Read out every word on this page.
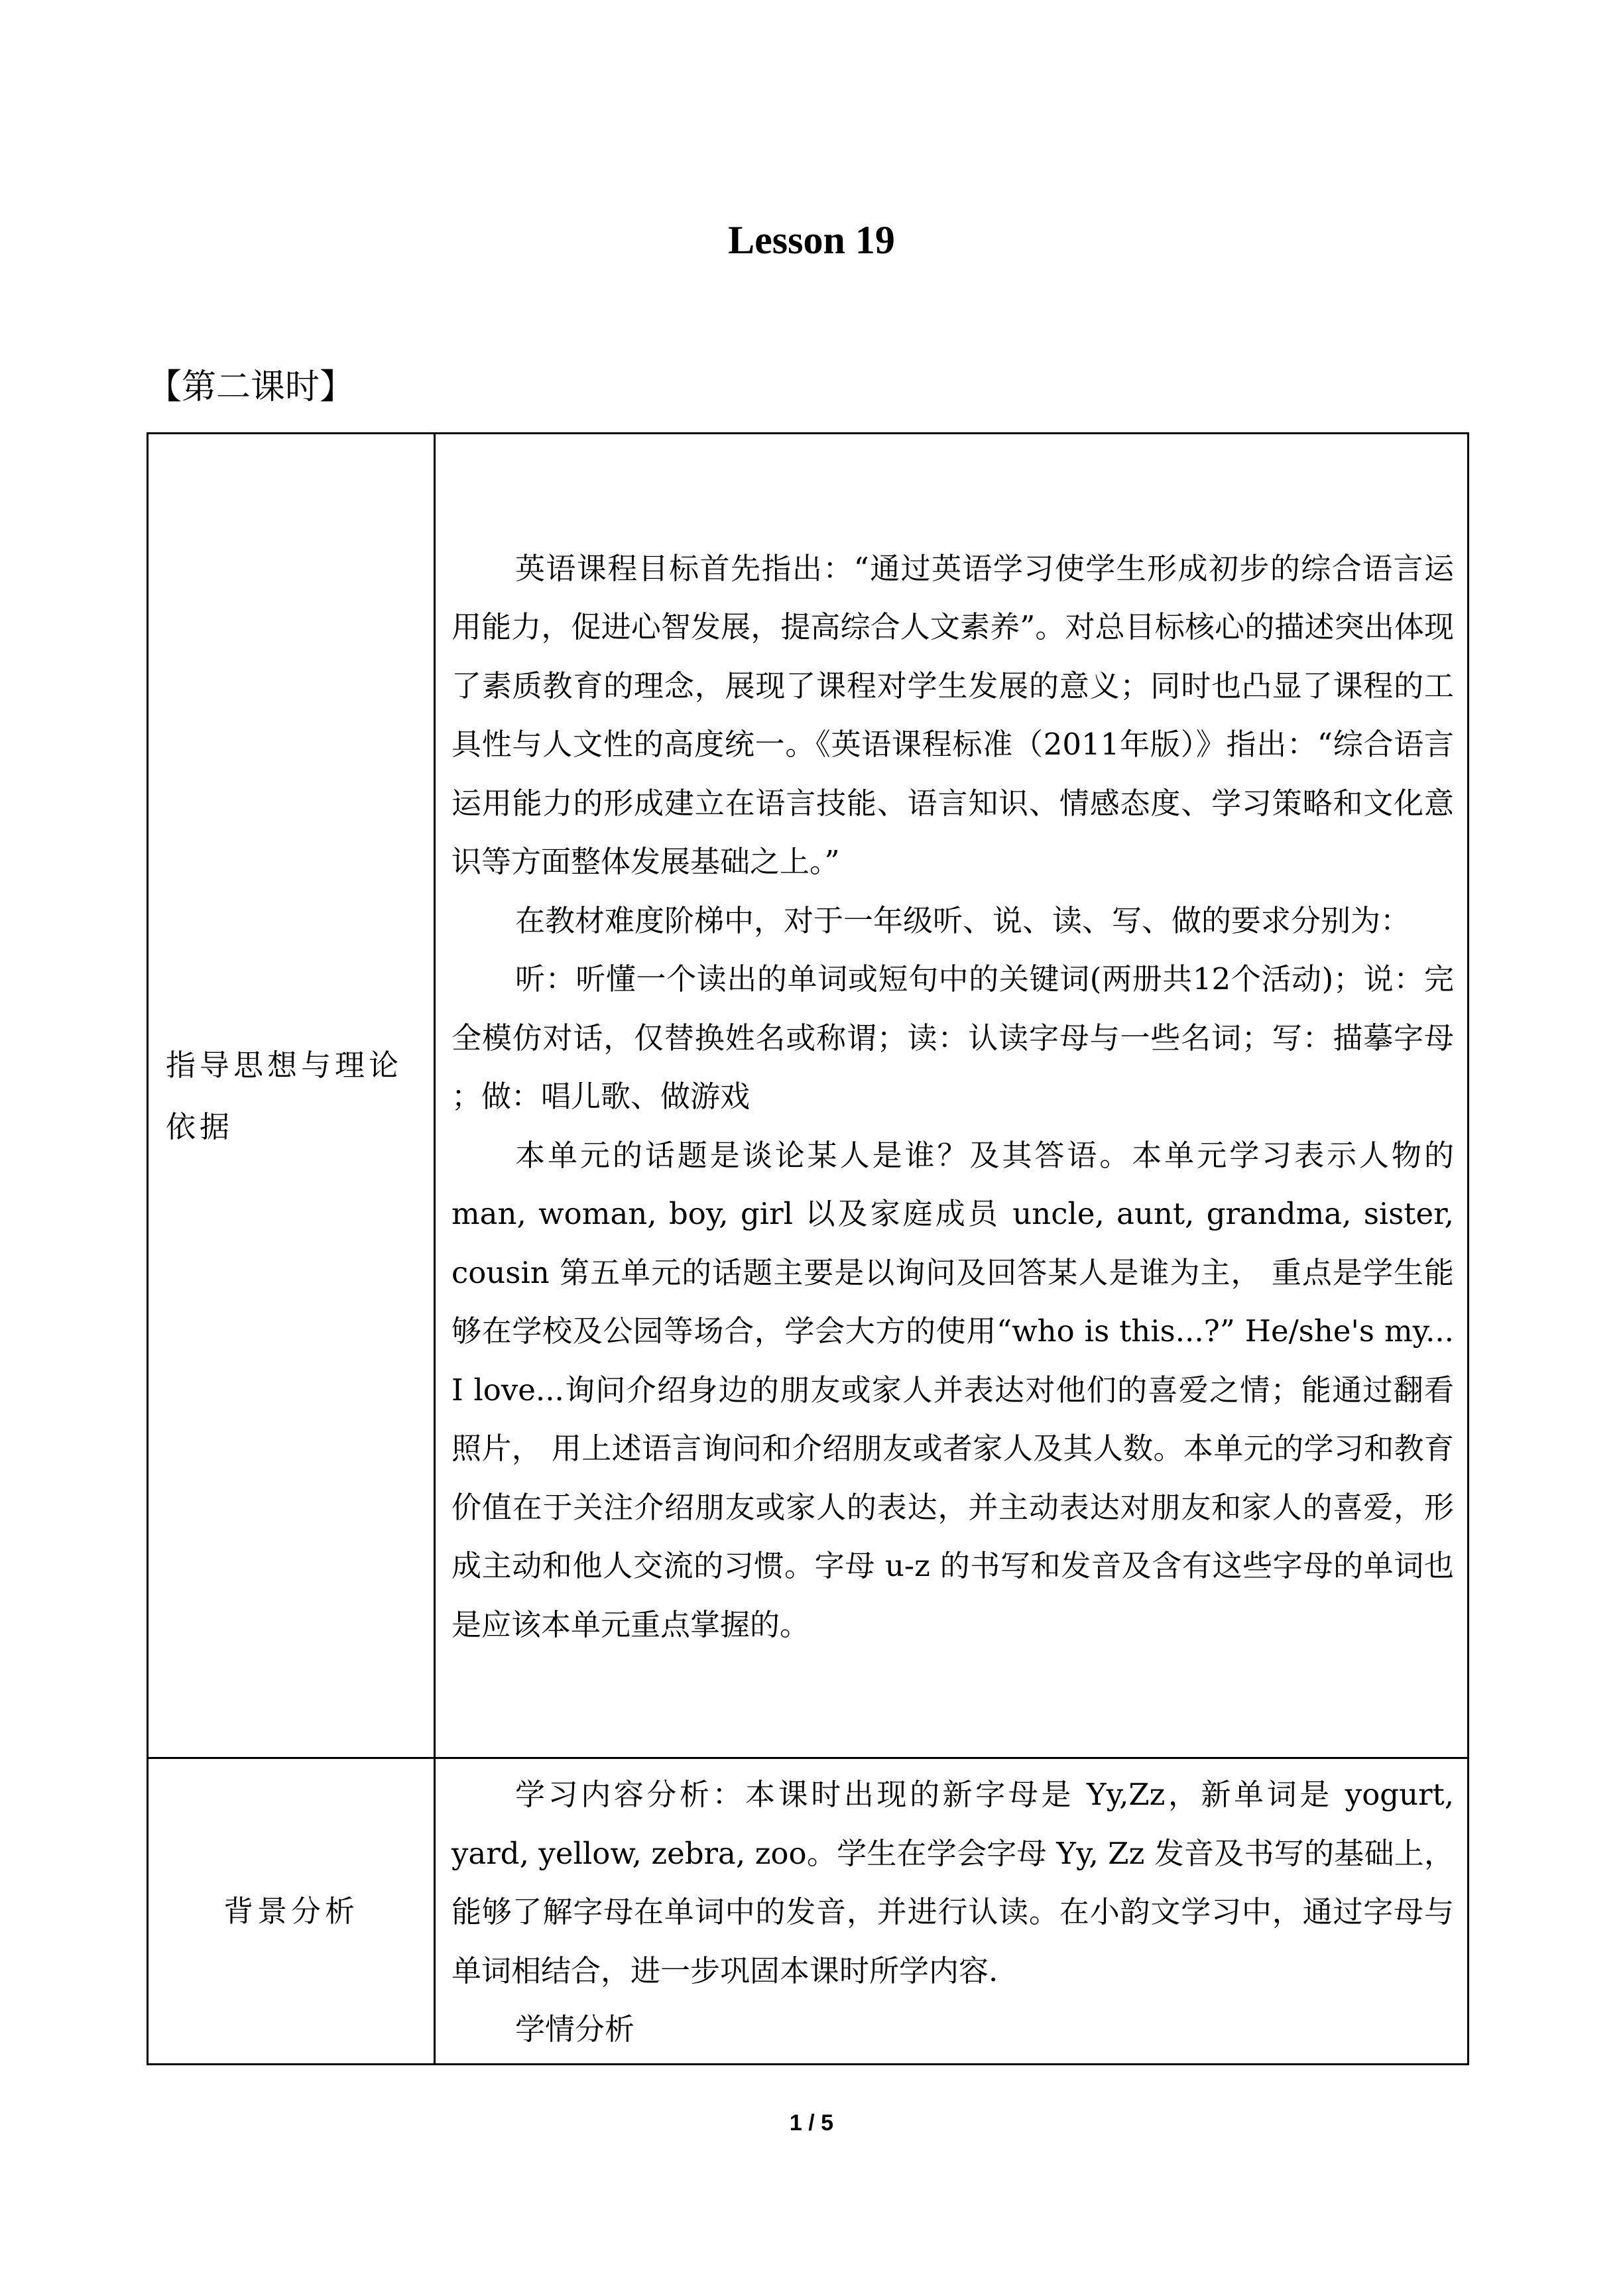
Lesson 19
【第二课时】
指导思想与理论依据	英语课程目标首先指出：“通过英语学习使学生形成初步的综合语言运用能力，促进心智发展，提高综合人文素养”。对总目标核心的描述突出体现了素质教育的理念，展现了课程对学生发展的意义；同时也凸显了课程的工具性与人文性的高度统一。《英语课程标准（2011年版）》指出：“综合语言运用能力的形成建立在语言技能、语言知识、情感态度、学习策略和文化意识等方面整体发展基础之上。”

在教材难度阶梯中，对于一年级听、说、读、写、做的要求分别为：

听：听懂一个读出的单词或短句中的关键词(两册共12个活动)；说：完全模仿对话，仅替换姓名或称谓；读：认读字母与一些名词；写：描摹字母 ；做：唱儿歌、做游戏

本单元的话题是谈论某人是谁？及其答语。本单元学习表示人物的 man, woman, boy, girl 以及家庭成员 uncle, aunt, grandma, sister, cousin 第五单元的话题主要是以询问及回答某人是谁为主， 重点是学生能够在学校及公园等场合，学会大方的使用“who is this...?” He/she's my... I love...询问介绍身边的朋友或家人并表达对他们的喜爱之情；能通过翻看照片， 用上述语言询问和介绍朋友或者家人及其人数。本单元的学习和教育价值在于关注介绍朋友或家人的表达，并主动表达对朋友和家人的喜爱，形成主动和他人交流的习惯。字母 u-z 的书写和发音及含有这些字母的单词也是应该本单元重点掌握的。

背景分析	学习内容分析：本课时出现的新字母是 Yy,Zz，新单词是 yogurt, yard, yellow, zebra, zoo。学生在学会字母 Yy, Zz 发音及书写的基础上，能够了解字母在单词中的发音，并进行认读。在小韵文学习中，通过字母与单词相结合，进一步巩固本课时所学内容.

学情分析

1 / 5
